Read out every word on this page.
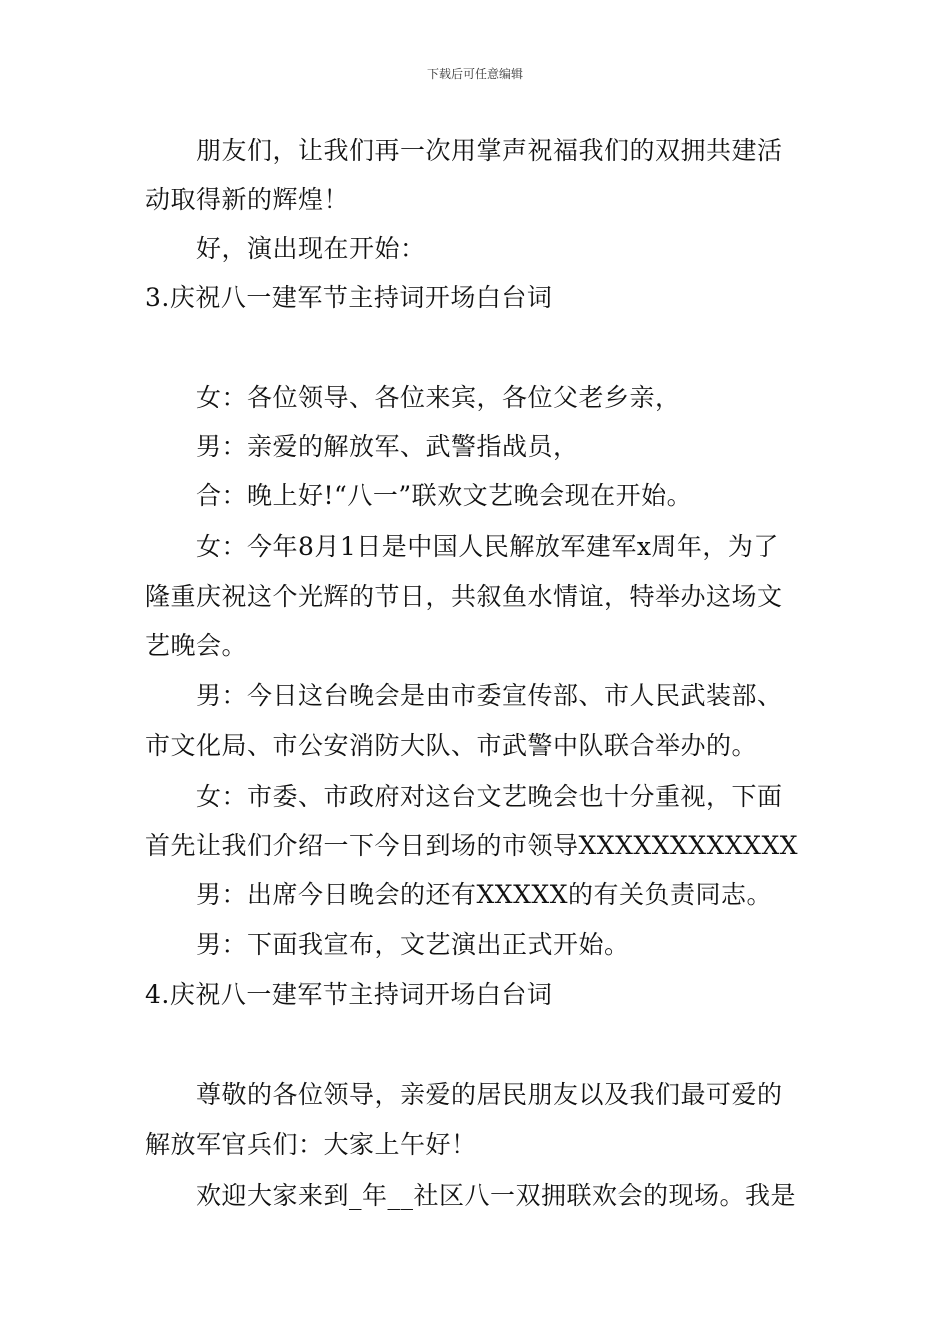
下载后可任意编辑
朋友们，让我们再一次用掌声祝福我们的双拥共建活
动取得新的辉煌！
好，演出现在开始：
3.庆祝八一建军节主持词开场白台词
女：各位领导、各位来宾，各位父老乡亲，
男：亲爱的解放军、武警指战员，
合：晚上好!“八一”联欢文艺晚会现在开始。
女：今年8月1日是中国人民解放军建军x周年，为了
隆重庆祝这个光辉的节日，共叙鱼水情谊，特举办这场文
艺晚会。
男：今日这台晚会是由市委宣传部、市人民武装部、
市文化局、市公安消防大队、市武警中队联合举办的。
女：市委、市政府对这台文艺晚会也十分重视，下面
首先让我们介绍一下今日到场的市领导XXXXXXXXXXXX
男：出席今日晚会的还有XXXXX的有关负责同志。
男：下面我宣布，文艺演出正式开始。
4.庆祝八一建军节主持词开场白台词
尊敬的各位领导，亲爱的居民朋友以及我们最可爱的
解放军官兵们：大家上午好！
欢迎大家来到_年__社区八一双拥联欢会的现场。我是
